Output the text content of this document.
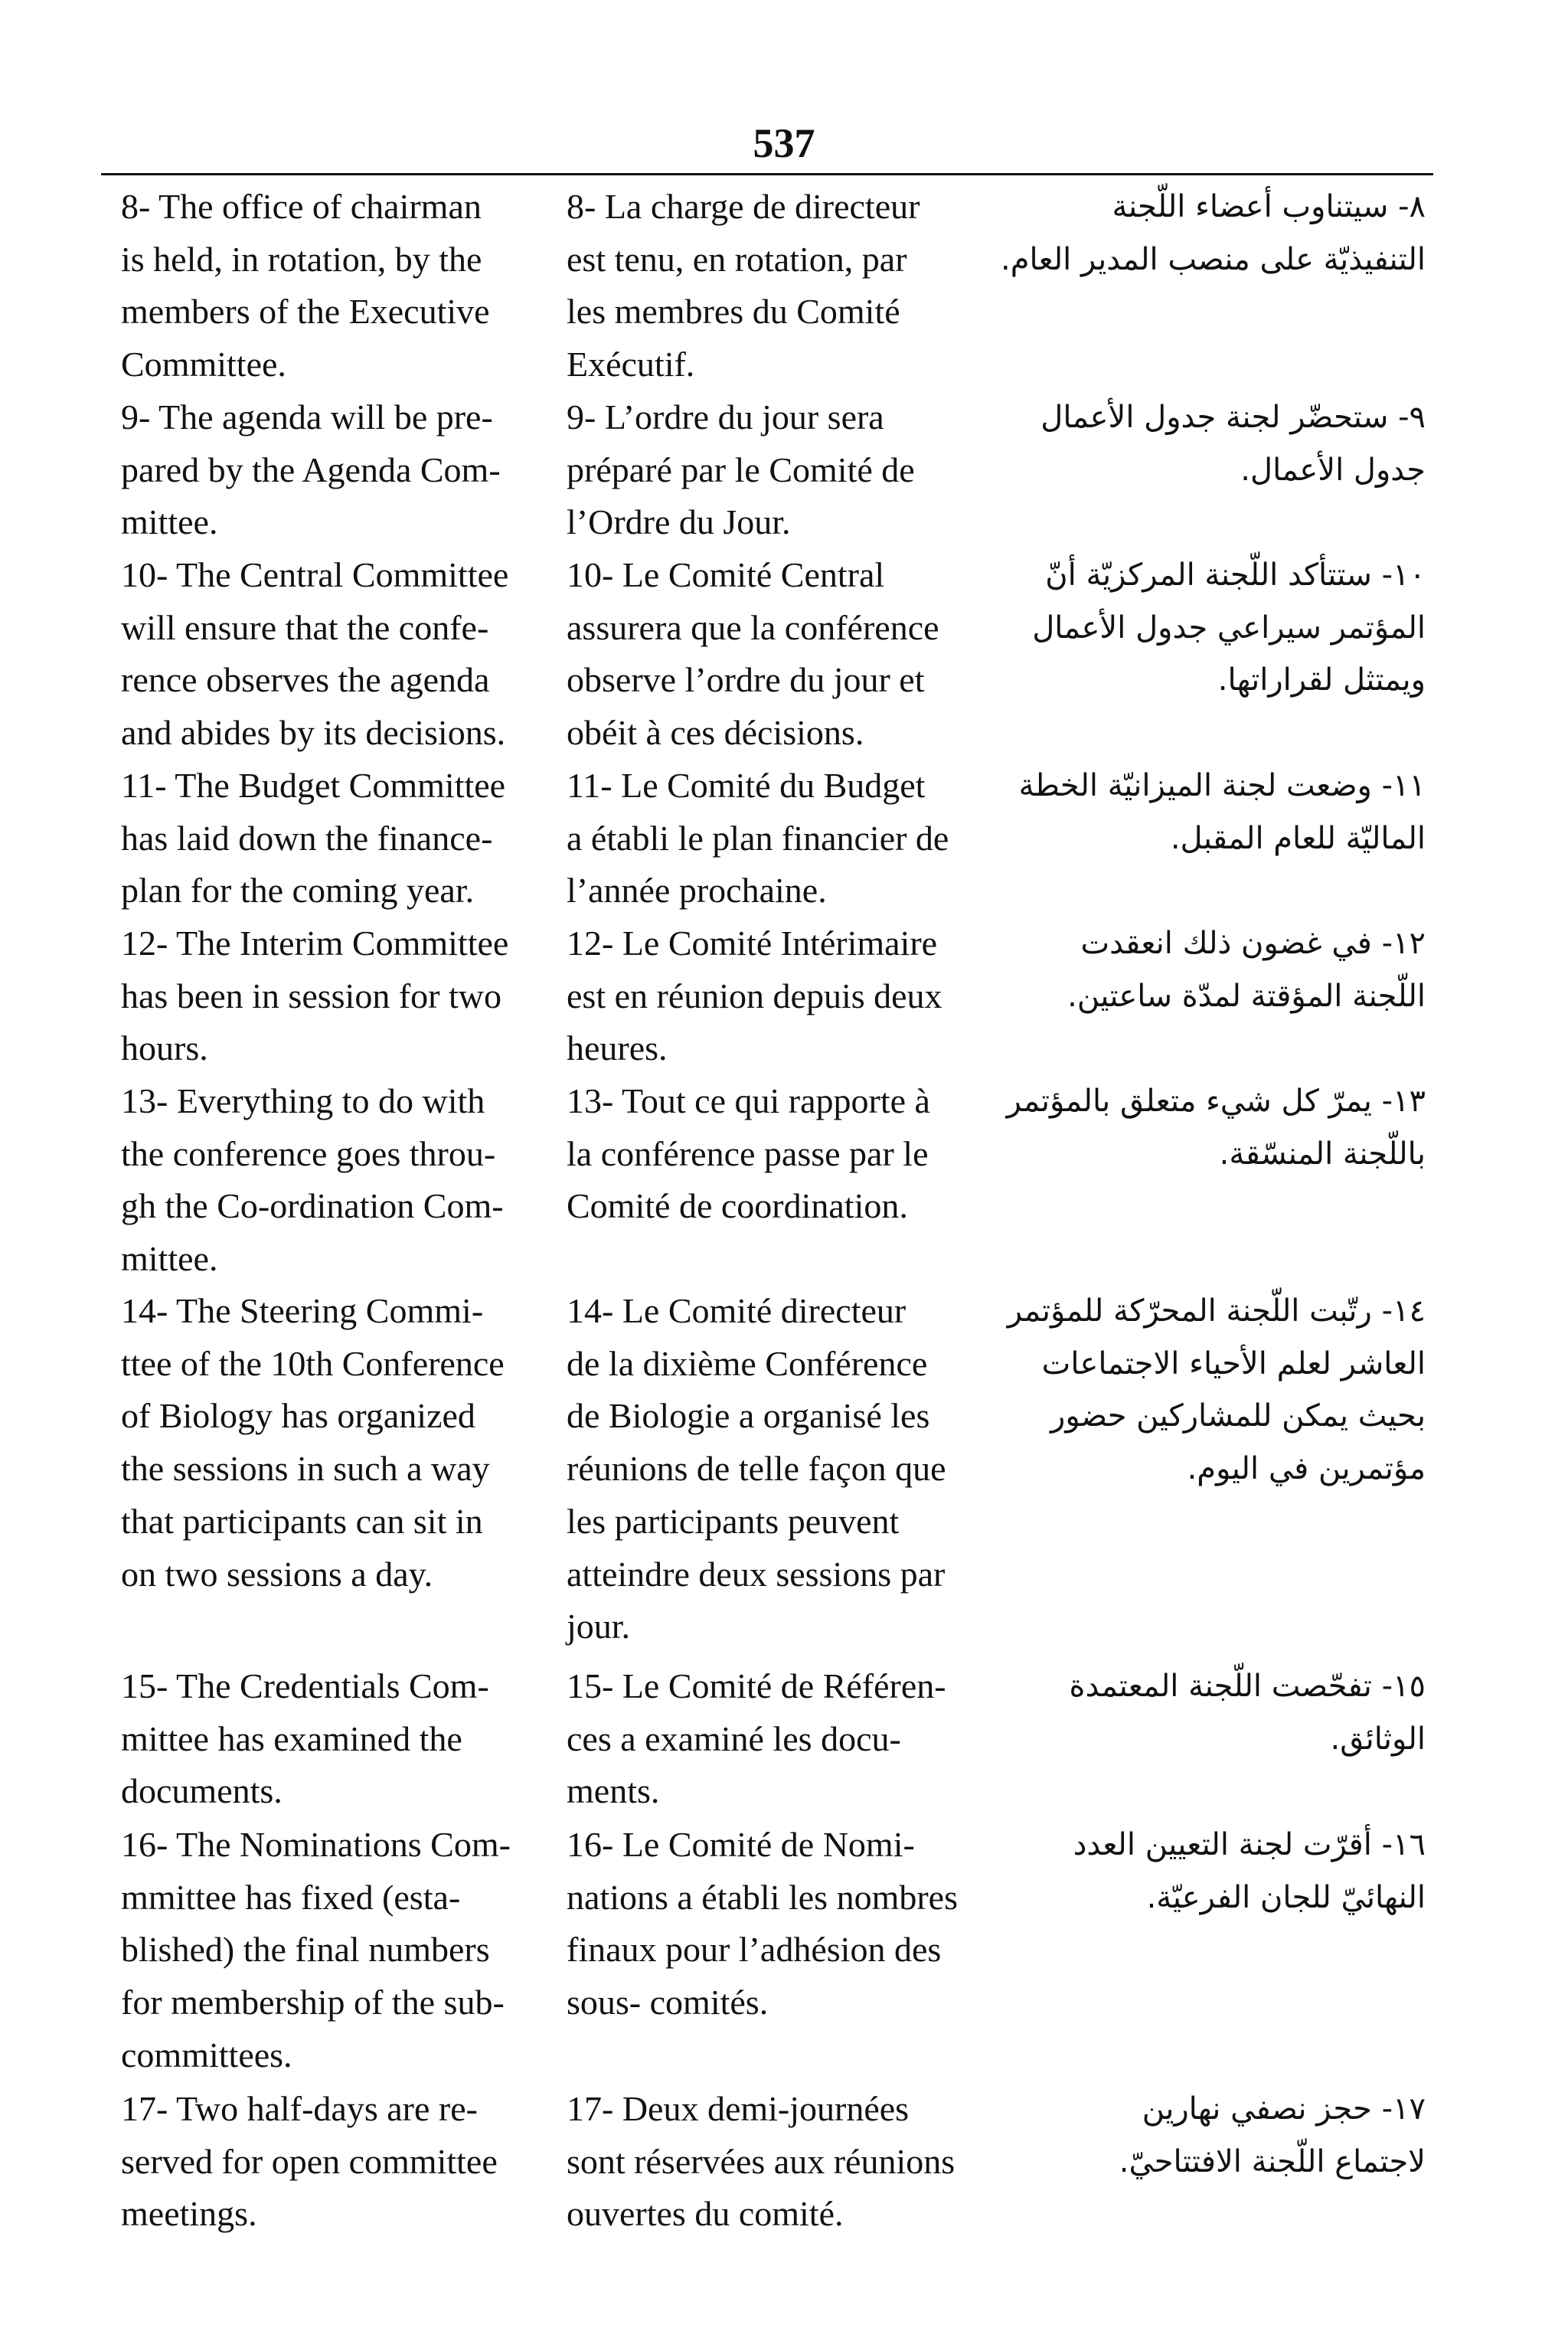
537
8- The office of chairman
is held, in rotation, by the
members of the Executive
Committee.
8- La charge de directeur
est tenu, en rotation, par
les membres du Comité
Exécutif.
٨- سيتناوب أعضاء اللّجنة
التنفيذيّة على منصب المدير العام.
9- The agenda will be pre-
pared by the Agenda Com-
mittee.
9- L’ordre du jour sera
préparé par le Comité de
l’Ordre du Jour.
٩- ستحضّر لجنة جدول الأعمال
جدول الأعمال.
10- The Central Committee
will ensure that the confe-
rence observes the agenda
and abides by its decisions.
10- Le Comité Central
assurera que la conférence
observe l’ordre du jour et
obéit à ces décisions.
١٠- ستتأكد اللّجنة المركزيّة أنّ
المؤتمر سيراعي جدول الأعمال
ويمتثل لقراراتها.
11- The Budget Committee
has laid down the finance-
plan for the coming year.
11- Le Comité du Budget
a établi le plan financier de
l’année prochaine.
١١- وضعت لجنة الميزانيّة الخطة
الماليّة للعام المقبل.
12- The Interim Committee
has been in session for two
hours.
12- Le Comité Intérimaire
est en réunion depuis deux
heures.
١٢- في غضون ذلك انعقدت
اللّجنة المؤقتة لمدّة ساعتين.
13- Everything to do with
the conference goes throu-
gh the Co-ordination Com-
mittee.
13- Tout ce qui rapporte à
la conférence passe par le
Comité de coordination.
١٣- يمرّ كل شيء متعلق بالمؤتمر
باللّجنة المنسّقة.
14- The Steering Commi-
ttee of the 10th Conference
of Biology has organized
the sessions in such a way
that participants can sit in
on two sessions a day.
14- Le Comité directeur
de la dixième Conférence
de Biologie a organisé les
réunions de telle façon que
les participants peuvent
atteindre deux sessions par
jour.
١٤- رتّبت اللّجنة المحرّكة للمؤتمر
العاشر لعلم الأحياء الاجتماعات
بحيث يمكن للمشاركين حضور
مؤتمرين في اليوم.
15- The Credentials Com-
mittee has examined the
documents.
15- Le Comité de Référen-
ces a examiné les docu-
ments.
١٥- تفحّصت اللّجنة المعتمدة
الوثائق.
16- The Nominations Com-
mmittee has fixed (esta-
blished) the final numbers
for membership of the sub-
committees.
16- Le Comité de Nomi-
nations a établi les nombres
finaux pour l’adhésion des
sous- comités.
١٦- أقرّت لجنة التعيين العدد
النهائيّ للجان الفرعيّة.
17- Two half-days are re-
served for open committee
meetings.
17- Deux demi-journées
sont réservées aux réunions
ouvertes du comité.
١٧- حجز نصفي نهارين
لاجتماع اللّجنة الافتتاحيّ.
